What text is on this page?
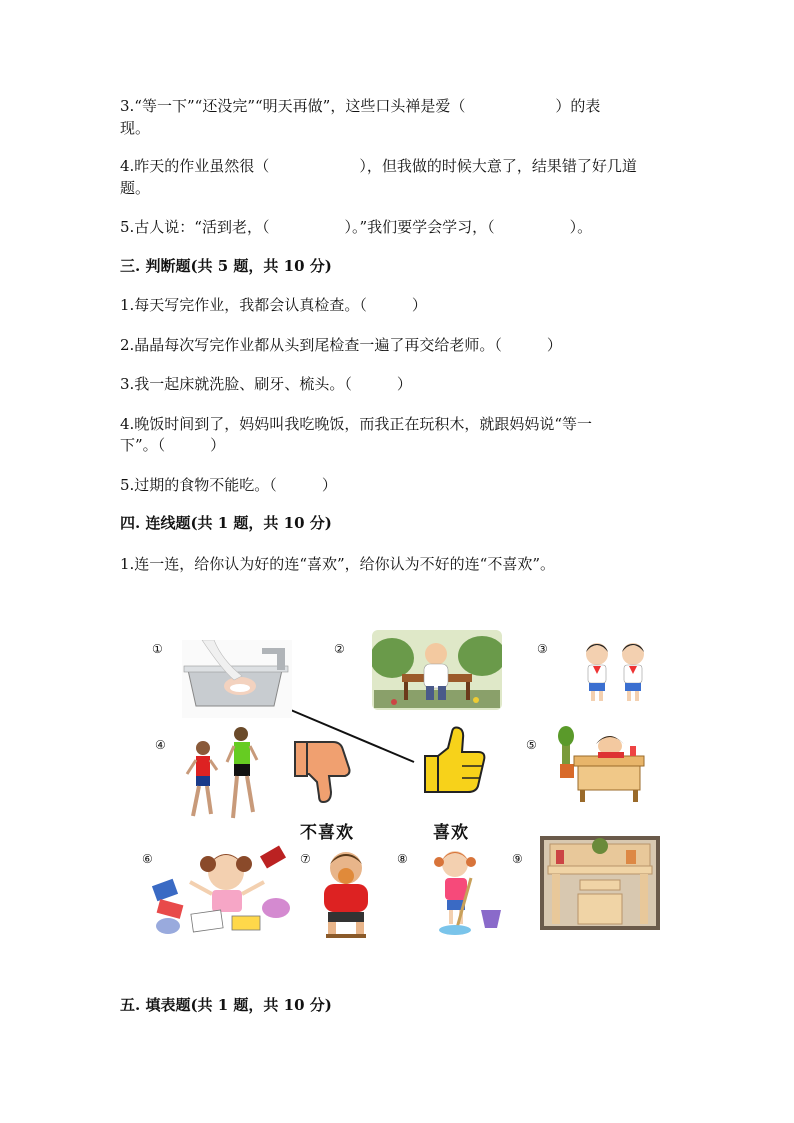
3.“等一下”“还没完”“明天再做”，这些口头禅是爱（　　　　　　）的表
现。
4.昨天的作业虽然很（　　　　　　），但我做的时候大意了，结果错了好几道
题。
5.古人说：“活到老，（　　　　　）。”我们要学会学习，（　　　　　）。
三. 判断题(共 5 题，共 10 分)
1.每天写完作业，我都会认真检查。（　　　）
2.晶晶每次写完作业都从头到尾检查一遍了再交给老师。（　　　）
3.我一起床就洗脸、刷牙、梳头。（　　　）
4.晚饭时间到了，妈妈叫我吃晚饭，而我正在玩积木，就跟妈妈说“等一
下”。（　　　）
5.过期的食物不能吃。（　　　）
四. 连线题(共 1 题，共 10 分)
1.连一连，给你认为好的连“喜欢”，给你认为不好的连“不喜欢”。
①	②	③
④	⑤
⑥	⑦	⑧	⑨
不喜欢	喜欢
五. 填表题(共 1 题，共 10 分)
